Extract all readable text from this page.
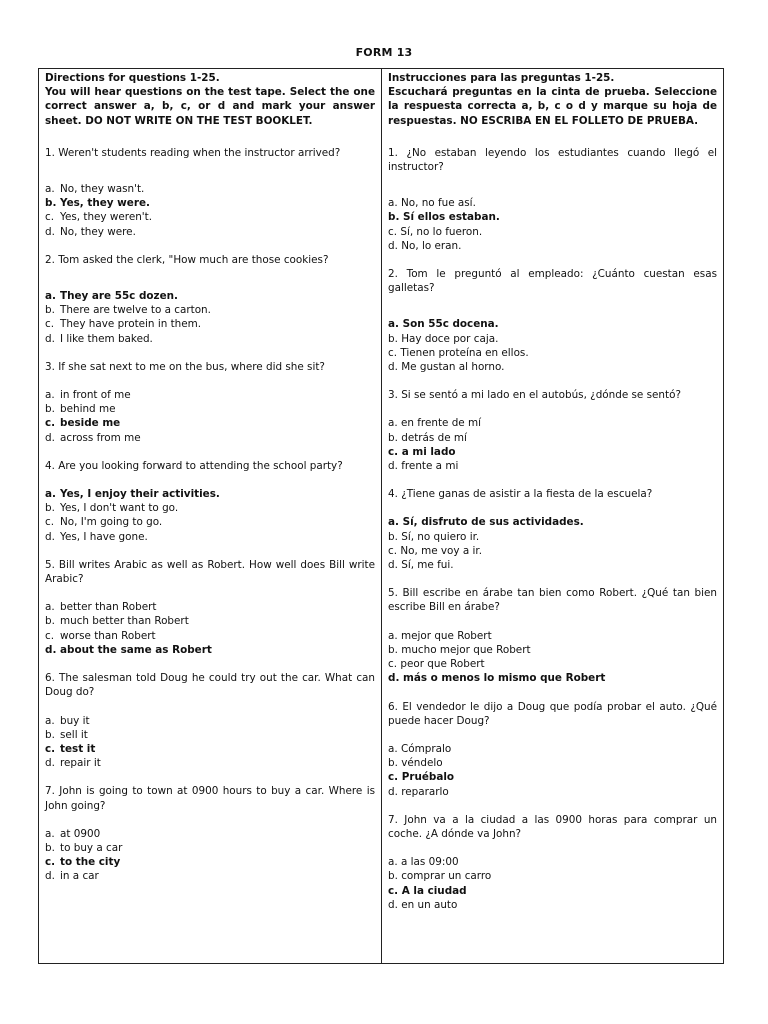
FORM 13

Directions for questions 1-25.

You will hear questions on the test tape. Select the one correct answer a, b, c, or d and mark your answer sheet. DO NOT WRITE ON THE TEST BOOKLET.

1. Weren't students reading when the instructor arrived?

a. No, they wasn't.
b. Yes, they were.
c. Yes, they weren't.
d. No, they were.

2. Tom asked the clerk, "How much are those cookies?

a. They are 55c dozen.
b. There are twelve to a carton.
c. They have protein in them.
d. I like them baked.

3. If she sat next to me on the bus, where did she sit?

a. in front of me
b. behind me
c. beside me
d. across from me

4. Are you looking forward to attending the school party?

a. Yes, I enjoy their activities.
b. Yes, I don't want to go.
c. No, I'm going to go.
d. Yes, I have gone.

5. Bill writes Arabic as well as Robert. How well does Bill write Arabic?

a. better than Robert
b. much better than Robert
c. worse than Robert
d. about the same as Robert

6. The salesman told Doug he could try out the car. What can Doug do?

a. buy it
b. sell it
c. test it
d. repair it

7. John is going to town at 0900 hours to buy a car. Where is John going?

a. at 0900
b. to buy a car
c. to the city
d. in a car

Instrucciones para las preguntas 1-25.

Escuchará preguntas en la cinta de prueba. Seleccione la respuesta correcta a, b, c o d y marque su hoja de respuestas. NO ESCRIBA EN EL FOLLETO DE PRUEBA.

1. ¿No estaban leyendo los estudiantes cuando llegó el instructor?

a. No, no fue así.
b. Sí ellos estaban.
c. Sí, no lo fueron.
d. No, lo eran.

2. Tom le preguntó al empleado: ¿Cuánto cuestan esas galletas?

a. Son 55c docena.
b. Hay doce por caja.
c. Tienen proteína en ellos.
d. Me gustan al horno.

3. Si se sentó a mi lado en el autobús, ¿dónde se sentó?

a. en frente de mí
b. detrás de mí
c. a mi lado
d. frente a mi

4. ¿Tiene ganas de asistir a la fiesta de la escuela?

a. Sí, disfruto de sus actividades.
b. Sí, no quiero ir.
c. No, me voy a ir.
d. Sí, me fui.

5. Bill escribe en árabe tan bien como Robert. ¿Qué tan bien escribe Bill en árabe?

a. mejor que Robert
b. mucho mejor que Robert
c. peor que Robert
d. más o menos lo mismo que Robert

6. El vendedor le dijo a Doug que podía probar el auto. ¿Qué puede hacer Doug?

a. Cómpralo
b. véndelo
c. Pruébalo
d. repararlo

7. John va a la ciudad a las 0900 horas para comprar un coche. ¿A dónde va John?

a. a las 09:00
b. comprar un carro
c. A la ciudad
d. en un auto
